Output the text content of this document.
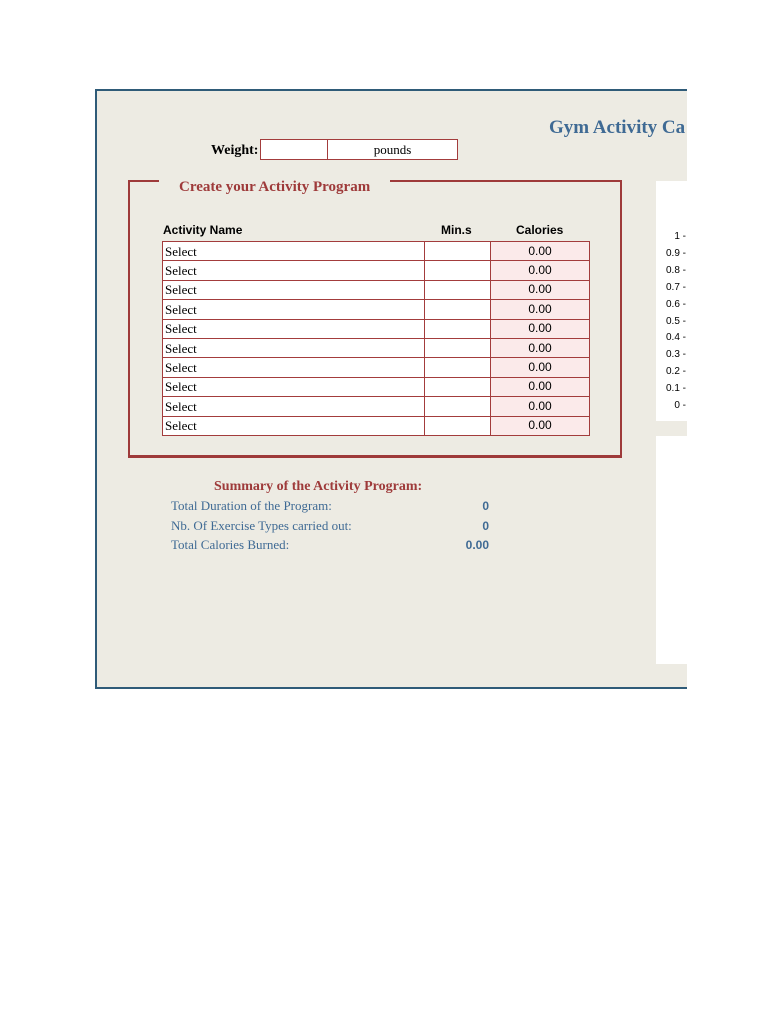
Gym Activity Ca
Weight:	pounds
Create your Activity Program
Activity Name	Min.s	Calories
Select		0.00
Select		0.00
Select		0.00
Select		0.00
Select		0.00
Select		0.00
Select		0.00
Select		0.00
Select		0.00
Select		0.00
Summary of the Activity Program:
Total Duration of the Program:	0
Nb. Of Exercise Types carried out:	0
Total Calories Burned:	0.00
1 -
0.9 -
0.8 -
0.7 -
0.6 -
0.5 -
0.4 -
0.3 -
0.2 -
0.1 -
0 -
